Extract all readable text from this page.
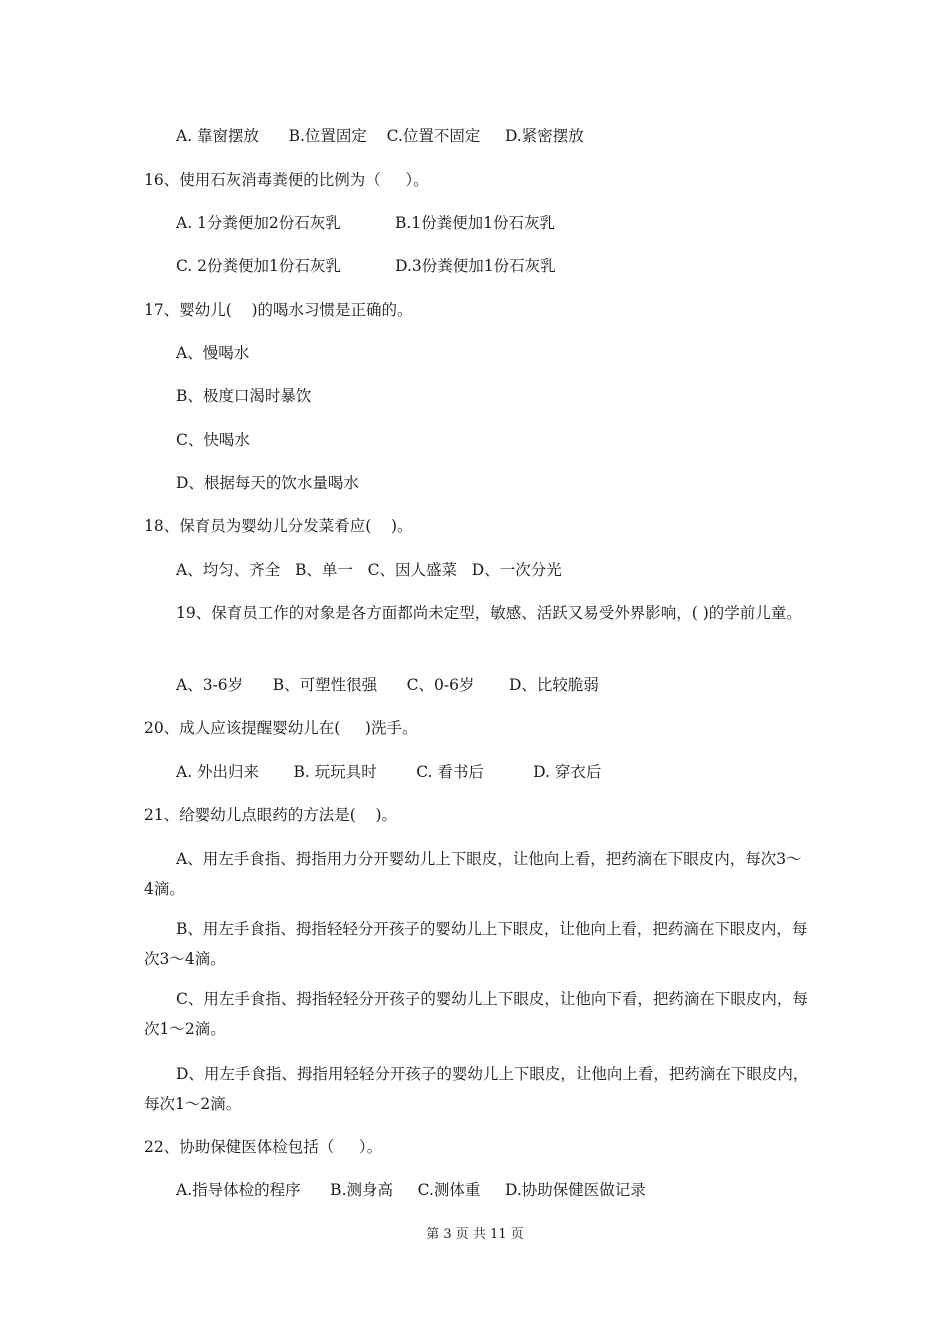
A. 靠窗摆放      B.位置固定    C.位置不固定     D.紧密摆放
16、使用石灰消毒粪便的比例为（     ）。
A. 1分粪便加2份石灰乳           B.1份粪便加1份石灰乳
C. 2份粪便加1份石灰乳           D.3份粪便加1份石灰乳
17、婴幼儿(    )的喝水习惯是正确的。
A、慢喝水
B、极度口渴时暴饮
C、快喝水
D、根据每天的饮水量喝水
18、保育员为婴幼儿分发菜肴应(    )。
A、均匀、齐全   B、单一   C、因人盛菜   D、一次分光
19、保育员工作的对象是各方面都尚未定型，敏感、活跃又易受外界影响，( )的学前儿童。
A、3-6岁      B、可塑性很强      C、0-6岁       D、比较脆弱
20、成人应该提醒婴幼儿在(     )洗手。
A. 外出归来       B. 玩玩具时        C. 看书后          D. 穿衣后
21、给婴幼儿点眼药的方法是(    )。
A、用左手食指、拇指用力分开婴幼儿上下眼皮，让他向上看，把药滴在下眼皮内，每次3～4滴。
B、用左手食指、拇指轻轻分开孩子的婴幼儿上下眼皮，让他向上看，把药滴在下眼皮内，每次3～4滴。
C、用左手食指、拇指轻轻分开孩子的婴幼儿上下眼皮，让他向下看，把药滴在下眼皮内，每次1～2滴。
D、用左手食指、拇指用轻轻分开孩子的婴幼儿上下眼皮，让他向上看，把药滴在下眼皮内，每次1～2滴。
22、协助保健医体检包括（     ）。
A.指导体检的程序      B.测身高     C.测体重     D.协助保健医做记录
第 3 页 共 11 页
